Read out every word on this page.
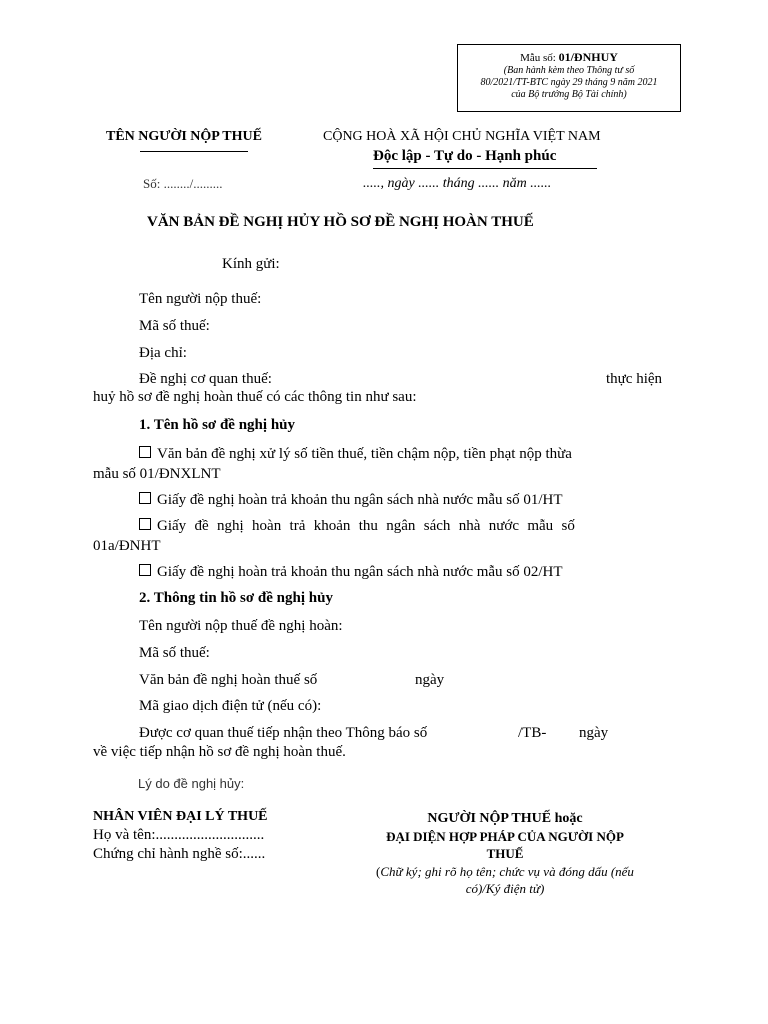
Mẫu số: 01/ĐNHUY
(Ban hành kèm theo Thông tư số
80/2021/TT-BTC ngày 29 tháng 9 năm 2021
của Bộ trưởng Bộ Tài chính)
TÊN NGƯỜI NỘP THUẾ
Số: ......../.........
CỘNG HOÀ XÃ HỘI CHỦ NGHĨA VIỆT NAM
Độc lập - Tự do - Hạnh phúc
....., ngày ...... tháng ...... năm ......
VĂN BẢN ĐỀ NGHỊ HỦY HỒ SƠ ĐỀ NGHỊ HOÀN THUẾ
Kính gửi:
Tên người nộp thuế:
Mã số thuế:
Địa chỉ:
Đề nghị cơ quan thuế:	thực hiện
huỷ hồ sơ đề nghị hoàn thuế có các thông tin như sau:
1. Tên hồ sơ đề nghị hủy
Văn bản đề nghị xử lý số tiền thuế, tiền chậm nộp, tiền phạt nộp thừa
mẫu số 01/ĐNXLNT
Giấy đề nghị hoàn trả khoản thu ngân sách nhà nước mẫu số 01/HT
Giấy đề nghị hoàn trả khoản thu ngân sách nhà nước mẫu số
01a/ĐNHT
Giấy đề nghị hoàn trả khoản thu ngân sách nhà nước mẫu số 02/HT
2. Thông tin hồ sơ đề nghị hủy
Tên người nộp thuế đề nghị hoàn:
Mã số thuế:
Văn bản đề nghị hoàn thuế số	ngày
Mã giao dịch điện tử (nếu có):
Được cơ quan thuế tiếp nhận theo Thông báo số	/TB- ngày
về việc tiếp nhận hồ sơ đề nghị hoàn thuế.
Lý do đề nghị hủy:
NHÂN VIÊN ĐẠI LÝ THUẾ
Họ và tên:.............................
Chứng chỉ hành nghề số:......
NGƯỜI NỘP THUẾ hoặc
ĐẠI DIỆN HỢP PHÁP CỦA NGƯỜI NỘP
THUẾ
(Chữ ký; ghi rõ họ tên; chức vụ và đóng dấu (nếu
có)/Ký điện tử)
